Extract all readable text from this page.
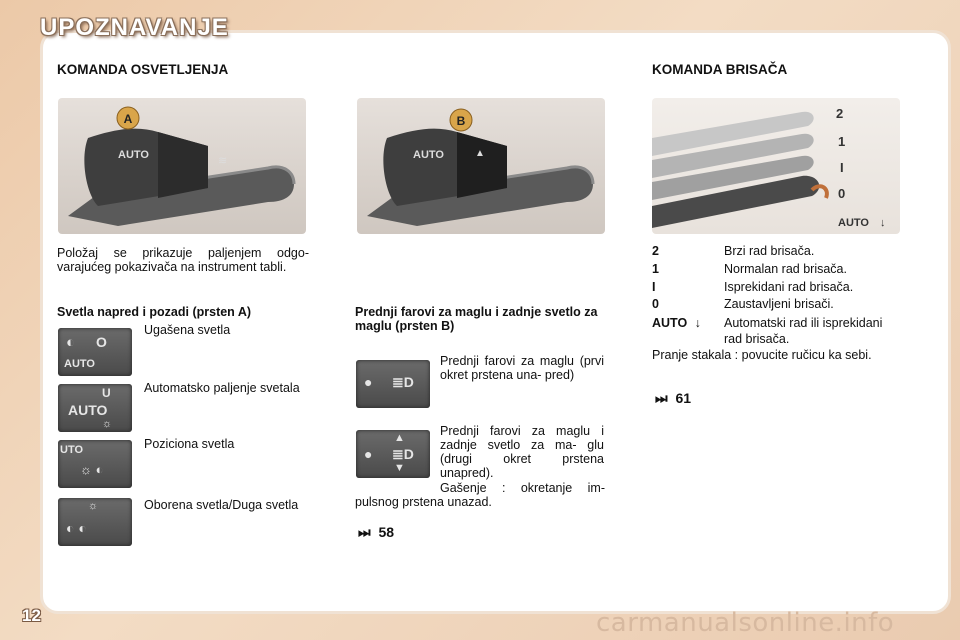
UPOZNAVANJE
KOMANDA OSVETLJENJA
AUTO	≋
A
AUTO	▲
B	2
1
I
0
AUTO ↓
Položaj se prikazuje paljenjem odgo- varajućeg pokazivača na instrument tabli.
Svetla napred i pozadi (prsten A)
◐ O
AUTO
Ugašena svetla
U
AUTO
☼
Automatsko paljenje svetala
UTO
☼ ◐
Poziciona svetla
☼
◐ ◐
Oborena svetla/Duga svetla
Prednji farovi za maglu i zadnje svetlo za maglu (prsten B)
● ≣D
Prednji farovi za maglu (prvi okret prstena una- pred)
▲
● ≣D
▼
Prednji farovi za maglu i zadnje svetlo za ma- glu (drugi okret prstena unapred).
Gašenje : okretanje im- pulsnog prstena unazad.
⏭ 58
KOMANDA BRISAČA
2	Brzi rad brisača.
1	Normalan rad brisača.
I	Isprekidani rad brisača.
0	Zaustavljeni brisači.
AUTO ↓ Automatski rad ili isprekidani rad brisača.
Pranje stakala : povucite ručicu ka sebi.
⏭ 61
12	carmanualsonline.info
